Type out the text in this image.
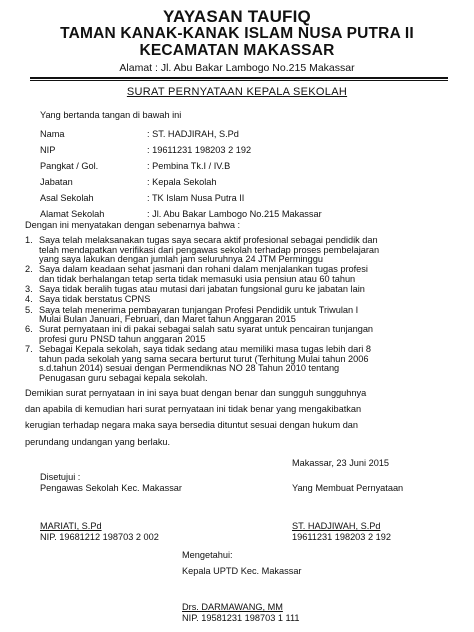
YAYASAN TAUFIQ
TAMAN KANAK-KANAK ISLAM NUSA PUTRA II
KECAMATAN MAKASSAR
Alamat : Jl. Abu Bakar Lambogo No.215 Makassar
SURAT PERNYATAAN KEPALA SEKOLAH
Yang bertanda tangan di bawah ini
Nama	: ST. HADJIRAH, S.Pd
NIP	: 19611231 198203 2 192
Pangkat / Gol.	: Pembina Tk.I / IV.B
Jabatan	: Kepala Sekolah
Asal Sekolah	: TK Islam Nusa Putra II
Alamat Sekolah	: Jl. Abu Bakar Lambogo No.215 Makassar
Dengan ini menyatakan dengan sebenarnya bahwa :
1. Saya telah melaksanakan tugas saya secara aktif profesional sebagai pendidik dan
telah mendapatkan verifikasi dari pengawas sekolah terhadap proses pembelajaran
yang saya lakukan dengan jumlah jam seluruhnya 24 JTM Perminggu
2. Saya dalam keadaan sehat jasmani dan rohani dalam menjalankan tugas profesi
dan tidak berhalangan tetap serta tidak memasuki usia pensiun atau 60 tahun
3. Saya tidak beralih tugas atau mutasi dari jabatan fungsional guru ke jabatan lain
4. Saya tidak berstatus CPNS
5. Saya telah menerima pembayaran tunjangan Profesi Pendidik untuk Triwulan I
Mulai Bulan Januari, Februari, dan Maret tahun Anggaran 2015
6. Surat pernyataan ini di pakai sebagai salah satu syarat untuk pencairan tunjangan
profesi guru PNSD tahun anggaran 2015
7. Sebagai Kepala sekolah, saya tidak sedang atau memiliki masa tugas lebih dari 8
tahun pada sekolah yang sama secara berturut turut (Terhitung Mulai tahun 2006
s.d.tahun 2014) sesuai dengan Permendiknas NO 28 Tahun 2010 tentang
Penugasan guru sebagai kepala sekolah.
Demikian surat pernyataan in ini saya buat dengan benar dan sungguh sungguhnya
dan apabila di kemudian hari surat pernyataan ini tidak benar yang mengakibatkan
kerugian terhadap negara maka saya bersedia dituntut sesuai dengan hukum dan
perundang undangan yang berlaku.
Makassar, 23 Juni 2015
Disetujui :
Pengawas Sekolah Kec. Makassar	Yang Membuat Pernyataan
MARIATI, S.Pd
NIP. 19681212 198703 2 002
ST. HADJIWAH, S.Pd
19611231 198203 2 192
Mengetahui:
Kepala UPTD Kec. Makassar
Drs. DARMAWANG, MM
NIP. 19581231 198703 1 111
